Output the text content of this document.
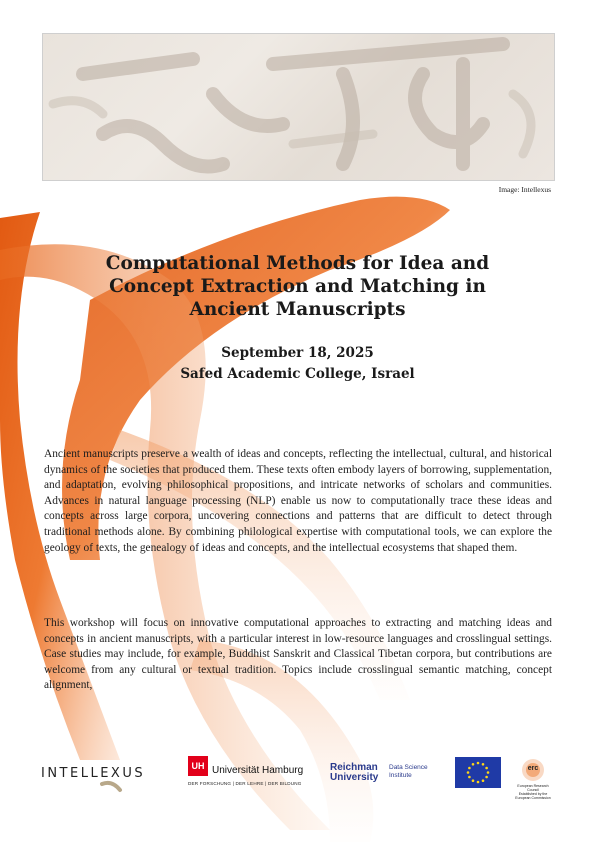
Image: Intellexus
Computational Methods for Idea and
Concept Extraction and Matching in
Ancient Manuscripts
September 18, 2025
Safed Academic College, Israel
Ancient manuscripts preserve a wealth of ideas and concepts, reflecting the intellectual, cultural, and historical dynamics of the societies that produced them. These texts often embody layers of borrowing, supplementation, and adaptation, evolving philosophical propositions, and intricate networks of scholars and communities. Advances in natural language processing (NLP) enable us now to computationally trace these ideas and concepts across large corpora, uncovering connections and patterns that are difficult to detect through traditional methods alone. By combining philological expertise with computational tools, we can explore the geology of texts, the genealogy of ideas and concepts, and the intellectual ecosystems that shaped them.
This workshop will focus on innovative computational approaches to extracting and matching ideas and concepts in ancient manuscripts, with a particular interest in low-resource languages and crosslingual settings. Case studies may include, for example, Buddhist Sanskrit and Classical Tibetan corpora, but contributions are welcome from any cultural or textual tradition. Topics include crosslingual semantic matching, concept alignment,
INTELLEXUS	UH Universität Hamburg
DER FORSCHUNG | DER LEHRE | DER BILDUNG
Reichman
University
Data Science
Institute
erc
European Research Council
Established by the European Commission
